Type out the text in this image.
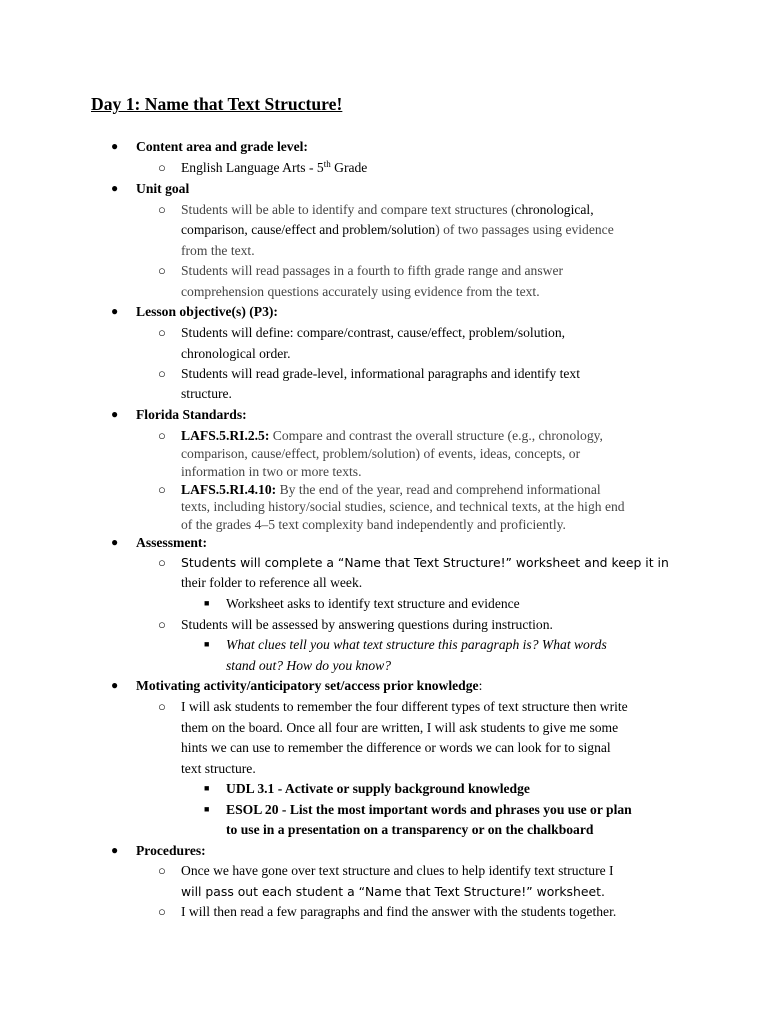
Day 1: Name that Text Structure!
● Content area and grade level:
○ English Language Arts - 5th Grade
● Unit goal
○ Students will be able to identify and compare text structures (chronological,
comparison, cause/effect and problem/solution) of two passages using evidence
from the text.
○ Students will read passages in a fourth to fifth grade range and answer
comprehension questions accurately using evidence from the text.
● Lesson objective(s) (P3):
○ Students will define: compare/contrast, cause/effect, problem/solution,
chronological order.
○ Students will read grade-level, informational paragraphs and identify text
structure.
● Florida Standards:
○ LAFS.5.RI.2.5: Compare and contrast the overall structure (e.g., chronology,
comparison, cause/effect, problem/solution) of events, ideas, concepts, or
information in two or more texts.
○ LAFS.5.RI.4.10: By the end of the year, read and comprehend informational
texts, including history/social studies, science, and technical texts, at the high end
of the grades 4–5 text complexity band independently and proficiently.
● Assessment:
○ Students will complete a “Name that Text Structure!” worksheet and keep it in
their folder to reference all week.
■ Worksheet asks to identify text structure and evidence
○ Students will be assessed by answering questions during instruction.
■ What clues tell you what text structure this paragraph is? What words
stand out? How do you know?
● Motivating activity/anticipatory set/access prior knowledge:
○ I will ask students to remember the four different types of text structure then write
them on the board. Once all four are written, I will ask students to give me some
hints we can use to remember the difference or words we can look for to signal
text structure.
■ UDL 3.1 - Activate or supply background knowledge
■ ESOL 20 - List the most important words and phrases you use or plan
to use in a presentation on a transparency or on the chalkboard
● Procedures:
○ Once we have gone over text structure and clues to help identify text structure I
will pass out each student a “Name that Text Structure!” worksheet.
○ I will then read a few paragraphs and find the answer with the students together.
